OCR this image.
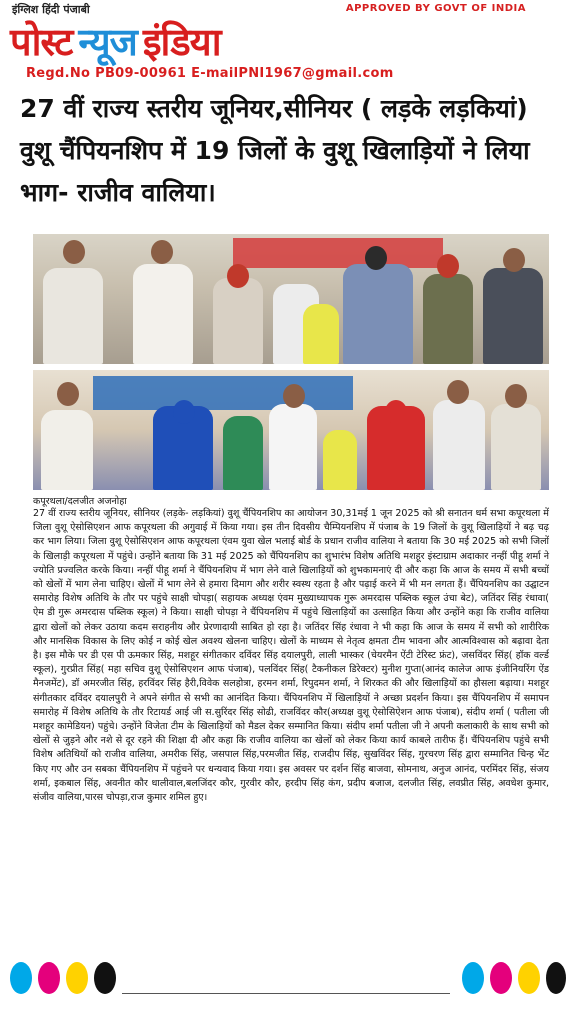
इंग्लिश हिंदी पंजाबी	APPROVED BY GOVT OF INDIA
पोस्ट न्यूज इंडिया
Regd.No PB09-00961 E-mailPNI1967@gmail.com
27 वीं राज्य स्तरीय जूनियर,सीनियर ( लड़के लड़कियां) वुशू चैंपियनशिप में 19 जिलों के वुशू खिलाड़ियों ने लिया भाग- राजीव वालिया।
कपूरथला/दलजीत अजनोहा
27 वीं राज्य स्तरीय जूनियर, सीनियर (लड़के- लड़कियां) वुशू चैंपियनशिप का आयोजन 30,31मई 1 जून 2025 को श्री सनातन धर्म सभा कपूरथला में जिला वुशू ऐसोसिएशन आफ कपूरथला की अगुवाई में किया गया। इस तीन दिवसीय चैम्पियनशिप में पंजाब के 19 जिलों के वुशू खिलाड़ियों ने बढ़ चढ़ कर भाग लिया। जिला वुशू ऐसोसिएशन आफ कपूरथला एंवम युवा खेल भलाई बोर्ड के प्रधान राजीव वालिया ने बताया कि 30 मई 2025 को सभी जिलों के खिलाड़ी कपूरथला में पहुंचे। उन्होंने बताया कि 31 मई 2025 को चैंपियनशिप का शुभारंभ विशेष अतिथि मशहूर इंस्टाग्राम अदाकार नन्हीं पीहू शर्मा ने ज्योति प्रज्वलित करके किया। नन्हीं पीहू शर्मा ने चैंपियनशिप में भाग लेने वाले खिलाड़ियों को शुभकामनाएं दी और कहा कि आज के समय में सभी बच्चों को खेलों में भाग लेना चाहिए। खेलों में भाग लेने से हमारा दिमाग और शरीर स्वस्थ रहता है और पढ़ाई करने में भी मन लगता हैं। चैंपियनशिप का उद्घाटन समारोह विशेष अतिथि के तौर पर पहुंचे साक्षी चोपड़ा( सहायक अध्यक्ष एंवम मुख्याध्यापक गुरू अमरदास पब्लिक स्कूल उंचा बेट), जतिंदर सिंह रंधावा( ऐम डी गुरू अमरदास पब्लिक स्कूल) ने किया। साक्षी चोपड़ा ने चैंपियनशिप में पहुंचे खिलाड़ियों का उत्साहित किया और उन्होंने कहा कि राजीव वालिया द्वारा खेलों को लेकर उठाया कदम सराहनीय और प्रेरणादायी साबित हो रहा है। जतिंदर सिंह रंधावा ने भी कहा कि आज के समय में सभी को शारीरिक और मानसिक विकास के लिए कोई न कोई खेल अवश्य खेलना चाहिए। खेलों के माध्यम से नेतृत्व क्षमता टीम भावना और आत्मविश्वास को बढ़ावा देता है। इस मौके पर डी एस पी ऊमकार सिंह, मशहूर संगीतकार दविंदर सिंह दयालपुरी, लाली भास्कर (चेयरमैन ऐंटी टेरिस्ट फ्रंट), जसविंदर सिंह( हॉक वर्ल्ड स्कूल), गुरप्रीत सिंह( महा सचिव वुशू ऐसोसिएशन आफ पंजाब), पलविंदर सिंह( टैकनीकल डिरेक्टर) मुनीश गुप्ता(आनंद कालेज आफ इंजीनियरिंग ऐंड मैनजमेंट), डॉ अमरजीत सिंह, हरविंदर सिंह हैरी,विवेक सलहोत्रा, हरमन शर्मा, रिपुदमन शर्मा, ने शिरकत की और खिलाड़ियों का हौसला बढ़ाया। मशहूर संगीतकार दविंदर दयालपुरी ने अपने संगीत से सभी का आनंदित किया। चैंपियनशिप में खिलाड़ियों ने अच्छा प्रदर्शन किया। इस चैंपियनशिप में समापन समारोह में विशेष अतिथि के तौर रिटायर्ड आई जी स.सुरिंदर सिंह सोढी, राजविंदर कौर(अध्यक्ष वुशू ऐसोसिऐशन आफ पंजाब), संदीप शर्मा ( पतीला जी मशहूर कामेडियन) पहुंचे। उन्होंने विजेता टीम के खिलाड़ियों को मैडल देकर सम्मानित किया। संदीप शर्मा पतीला जी ने अपनी कलाकारी के साथ सभी को खेलों से जुड़ने और नशे से दूर रहने की शिक्षा दी और कहा कि राजीव वालिया का खेलों को लेकर किया कार्य काबले तारीफ हैं। चैंपियनशिप पहुंचे सभी विशेष अतिथियों को राजीव वालिया, अमरीक सिंह, जसपाल सिंह,परमजीत सिंह, राजदीप सिंह, सुखविंदर सिंह, गुरचरण सिंह द्वारा सम्मानित चिन्ह भेंट किए गए और उन सबका चैंपियनशिप में पहुंचने पर धन्यवाद किया गया। इस अवसर पर दर्शन सिंह बाजवा, सोमनाथ, अनुज आनंद, परमिंदर सिंह, संजय शर्मा, इकबाल सिंह, अवनीत कौर धालीवाल,बलजिंदर कौर, गुरवीर कौर, हरदीप सिंह कंग, प्रदीप बजाज, दलजीत सिंह, लवप्रीत सिंह, अवधेश कुमार, संजीव वालिया,पारस चोपड़ा,राज कुमार शमिल हुए।
